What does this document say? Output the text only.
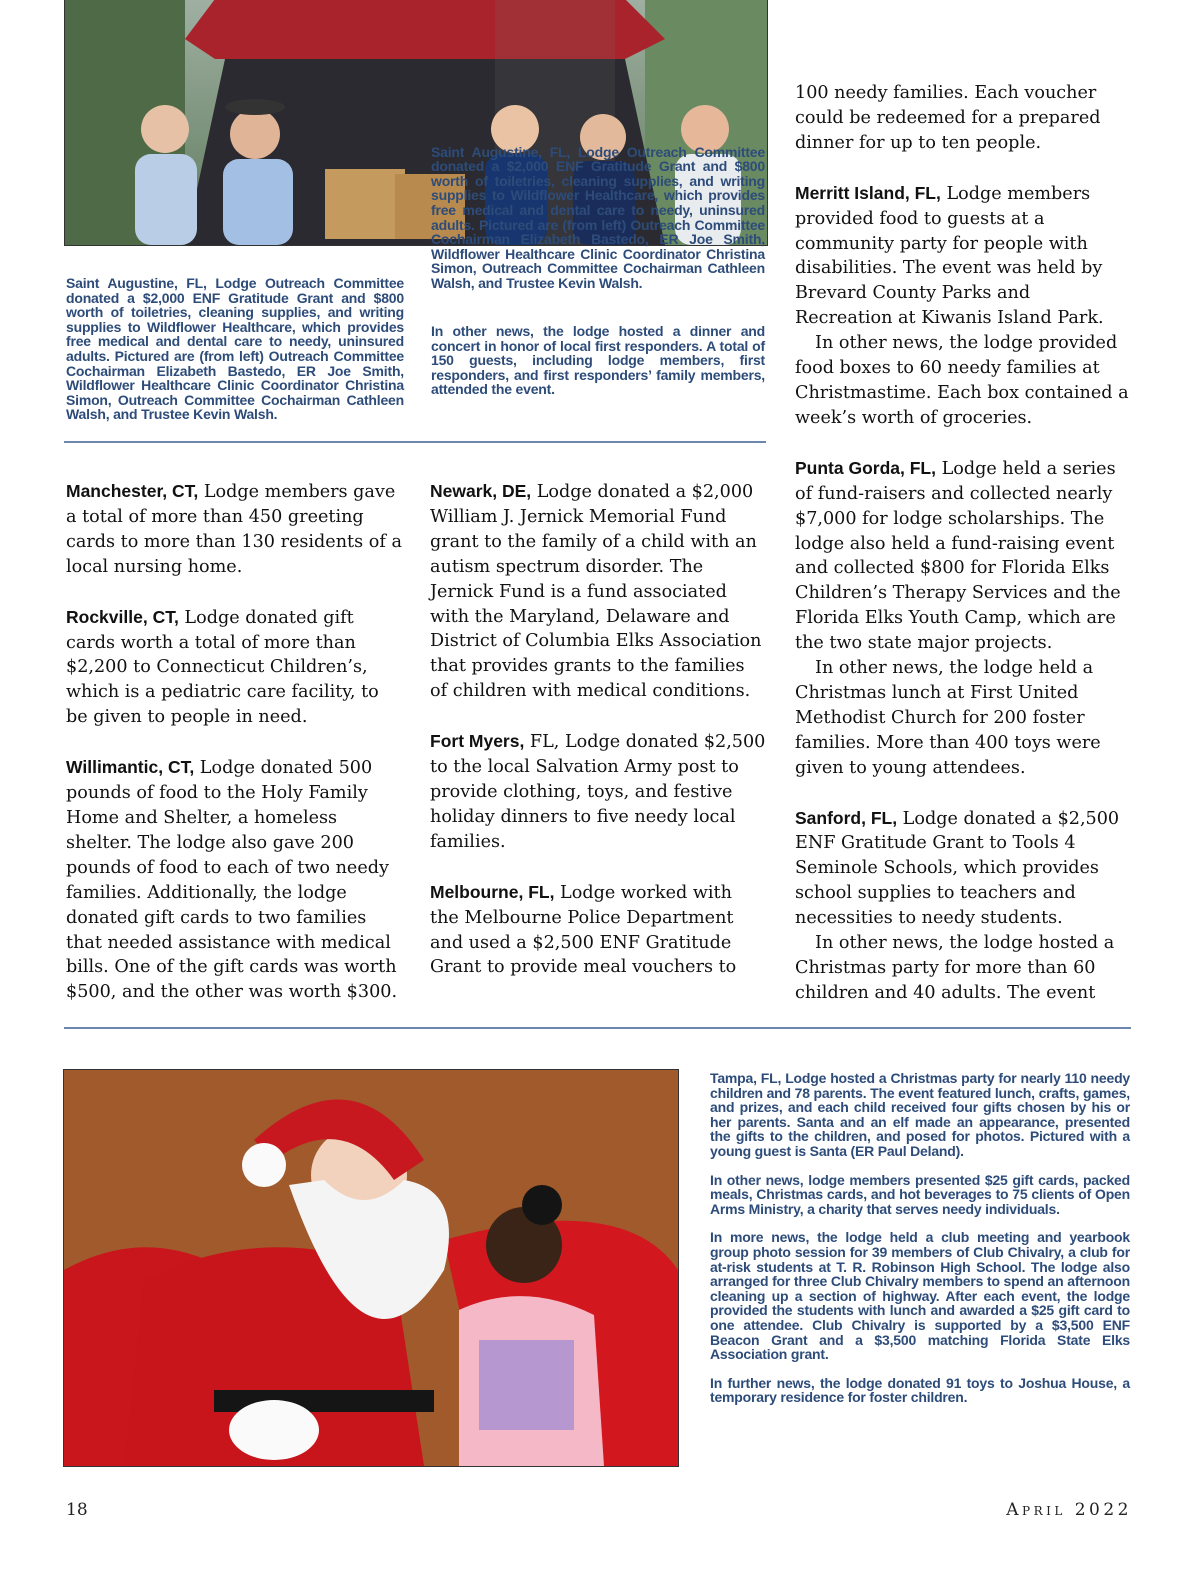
Saint Augustine, FL, Lodge Outreach Committee donated a $2,000 ENF Gratitude Grant and $800 worth of toiletries, cleaning supplies, and writing supplies to Wildflower Healthcare, which provides free medical and dental care to needy, uninsured adults. Pictured are (from left) Outreach Committee Cochairman Elizabeth Bastedo, ER Joe Smith, Wildflower Healthcare Clinic Coordinator Christina Simon, Outreach Committee Cochairman Cathleen Walsh, and Trustee Kevin Walsh.

Saint Augustine, FL, Lodge Outreach Committee donated a $2,000 ENF Gratitude Grant and $800 worth of toiletries, cleaning supplies, and writing supplies to Wildflower Healthcare, which provides free medical and dental care to needy, uninsured adults. Pictured are (from left) Outreach Committee Cochairman Elizabeth Bastedo, ER Joe Smith, Wildflower Healthcare Clinic Coordinator Christina Simon, Outreach Committee Cochairman Cathleen Walsh, and Trustee Kevin Walsh.

In other news, the lodge hosted a dinner and concert in honor of local first responders. A total of 150 guests, including lodge members, first responders, and first responders’ family members, attended the event.

Manchester, CT, Lodge members gave a total of more than 450 greeting cards to more than 130 residents of a local nursing home.

Rockville, CT, Lodge donated gift cards worth a total of more than $2,200 to Connecticut Children’s, which is a pediatric care facility, to be given to people in need.

Willimantic, CT, Lodge donated 500 pounds of food to the Holy Family Home and Shelter, a homeless shelter. The lodge also gave 200 pounds of food to each of two needy families. Additionally, the lodge donated gift cards to two families that needed assistance with medical bills. One of the gift cards was worth $500, and the other was worth $300.

Newark, DE, Lodge donated a $2,000 William J. Jernick Memorial Fund grant to the family of a child with an autism spectrum disorder. The Jernick Fund is a fund associated with the Maryland, Delaware and District of Columbia Elks Association that provides grants to the families of children with medical conditions.

Fort Myers, FL, Lodge donated $2,500 to the local Salvation Army post to provide clothing, toys, and festive holiday dinners to five needy local families.

Melbourne, FL, Lodge worked with the Melbourne Police Department and used a $2,500 ENF Gratitude Grant to provide meal vouchers to

100 needy families. Each voucher could be redeemed for a prepared dinner for up to ten people.

Merritt Island, FL, Lodge members provided food to guests at a community party for people with disabilities. The event was held by Brevard County Parks and Recreation at Kiwanis Island Park.

In other news, the lodge provided food boxes to 60 needy families at Christmastime. Each box contained a week’s worth of groceries.

Punta Gorda, FL, Lodge held a series of fund-raisers and collected nearly $7,000 for lodge scholarships. The lodge also held a fund-raising event and collected $800 for Florida Elks Children’s Therapy Services and the Florida Elks Youth Camp, which are the two state major projects.

In other news, the lodge held a Christmas lunch at First United Methodist Church for 200 foster families. More than 400 toys were given to young attendees.

Sanford, FL, Lodge donated a $2,500 ENF Gratitude Grant to Tools 4 Seminole Schools, which provides school supplies to teachers and necessities to needy students.

In other news, the lodge hosted a Christmas party for more than 60 children and 40 adults. The event

Tampa, FL, Lodge hosted a Christmas party for nearly 110 needy children and 78 parents. The event featured lunch, crafts, games, and prizes, and each child received four gifts chosen by his or her parents. Santa and an elf made an appearance, presented the gifts to the children, and posed for photos. Pictured with a young guest is Santa (ER Paul Deland).

In other news, lodge members presented $25 gift cards, packed meals, Christmas cards, and hot beverages to 75 clients of Open Arms Ministry, a charity that serves needy individuals.

In more news, the lodge held a club meeting and yearbook group photo session for 39 members of Club Chivalry, a club for at-risk students at T. R. Robinson High School. The lodge also arranged for three Club Chivalry members to spend an afternoon cleaning up a section of highway. After each event, the lodge provided the students with lunch and awarded a $25 gift card to one attendee. Club Chivalry is supported by a $3,500 ENF Beacon Grant and a $3,500 matching Florida State Elks Association grant.

In further news, the lodge donated 91 toys to Joshua House, a temporary residence for foster children.

18	April 2022
